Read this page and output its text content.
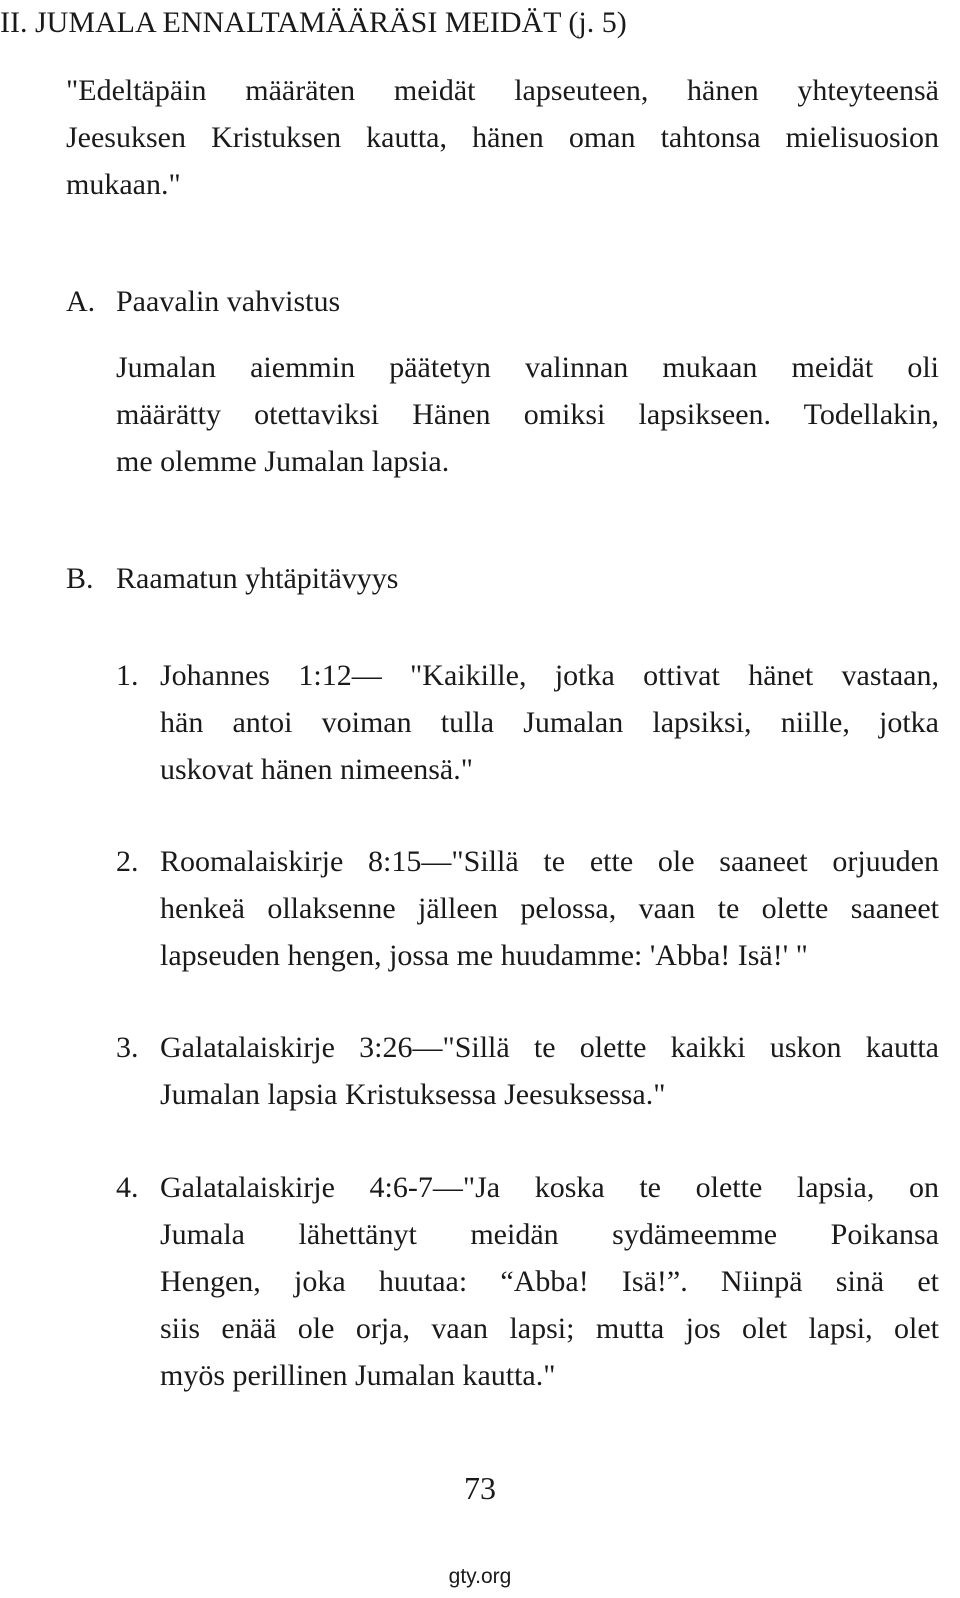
II. JUMALA ENNALTAMÄÄRÄSI MEIDÄT (j. 5)
"Edeltäpäin määräten meidät lapseuteen, hänen yhteyteensä
Jeesuksen Kristuksen kautta, hänen oman tahtonsa mielisuosion
mukaan."
A. Paavalin vahvistus
Jumalan aiemmin päätetyn valinnan mukaan meidät oli
määrätty otettaviksi Hänen omiksi lapsikseen. Todellakin,
me olemme Jumalan lapsia.
B. Raamatun yhtäpitävyys
1. Johannes 1:12— "Kaikille, jotka ottivat hänet vastaan,
hän antoi voiman tulla Jumalan lapsiksi, niille, jotka
uskovat hänen nimeensä."
2. Roomalaiskirje 8:15—"Sillä te ette ole saaneet orjuuden
henkeä ollaksenne jälleen pelossa, vaan te olette saaneet
lapseuden hengen, jossa me huudamme: 'Abba! Isä!' "
3. Galatalaiskirje 3:26—"Sillä te olette kaikki uskon kautta
Jumalan lapsia Kristuksessa Jeesuksessa."
4. Galatalaiskirje 4:6-7—"Ja koska te olette lapsia, on
Jumala lähettänyt meidän sydämeemme Poikansa
Hengen, joka huutaa: “Abba! Isä!”. Niinpä sinä et
siis enää ole orja, vaan lapsi; mutta jos olet lapsi, olet
myös perillinen Jumalan kautta."
73
gty.org
